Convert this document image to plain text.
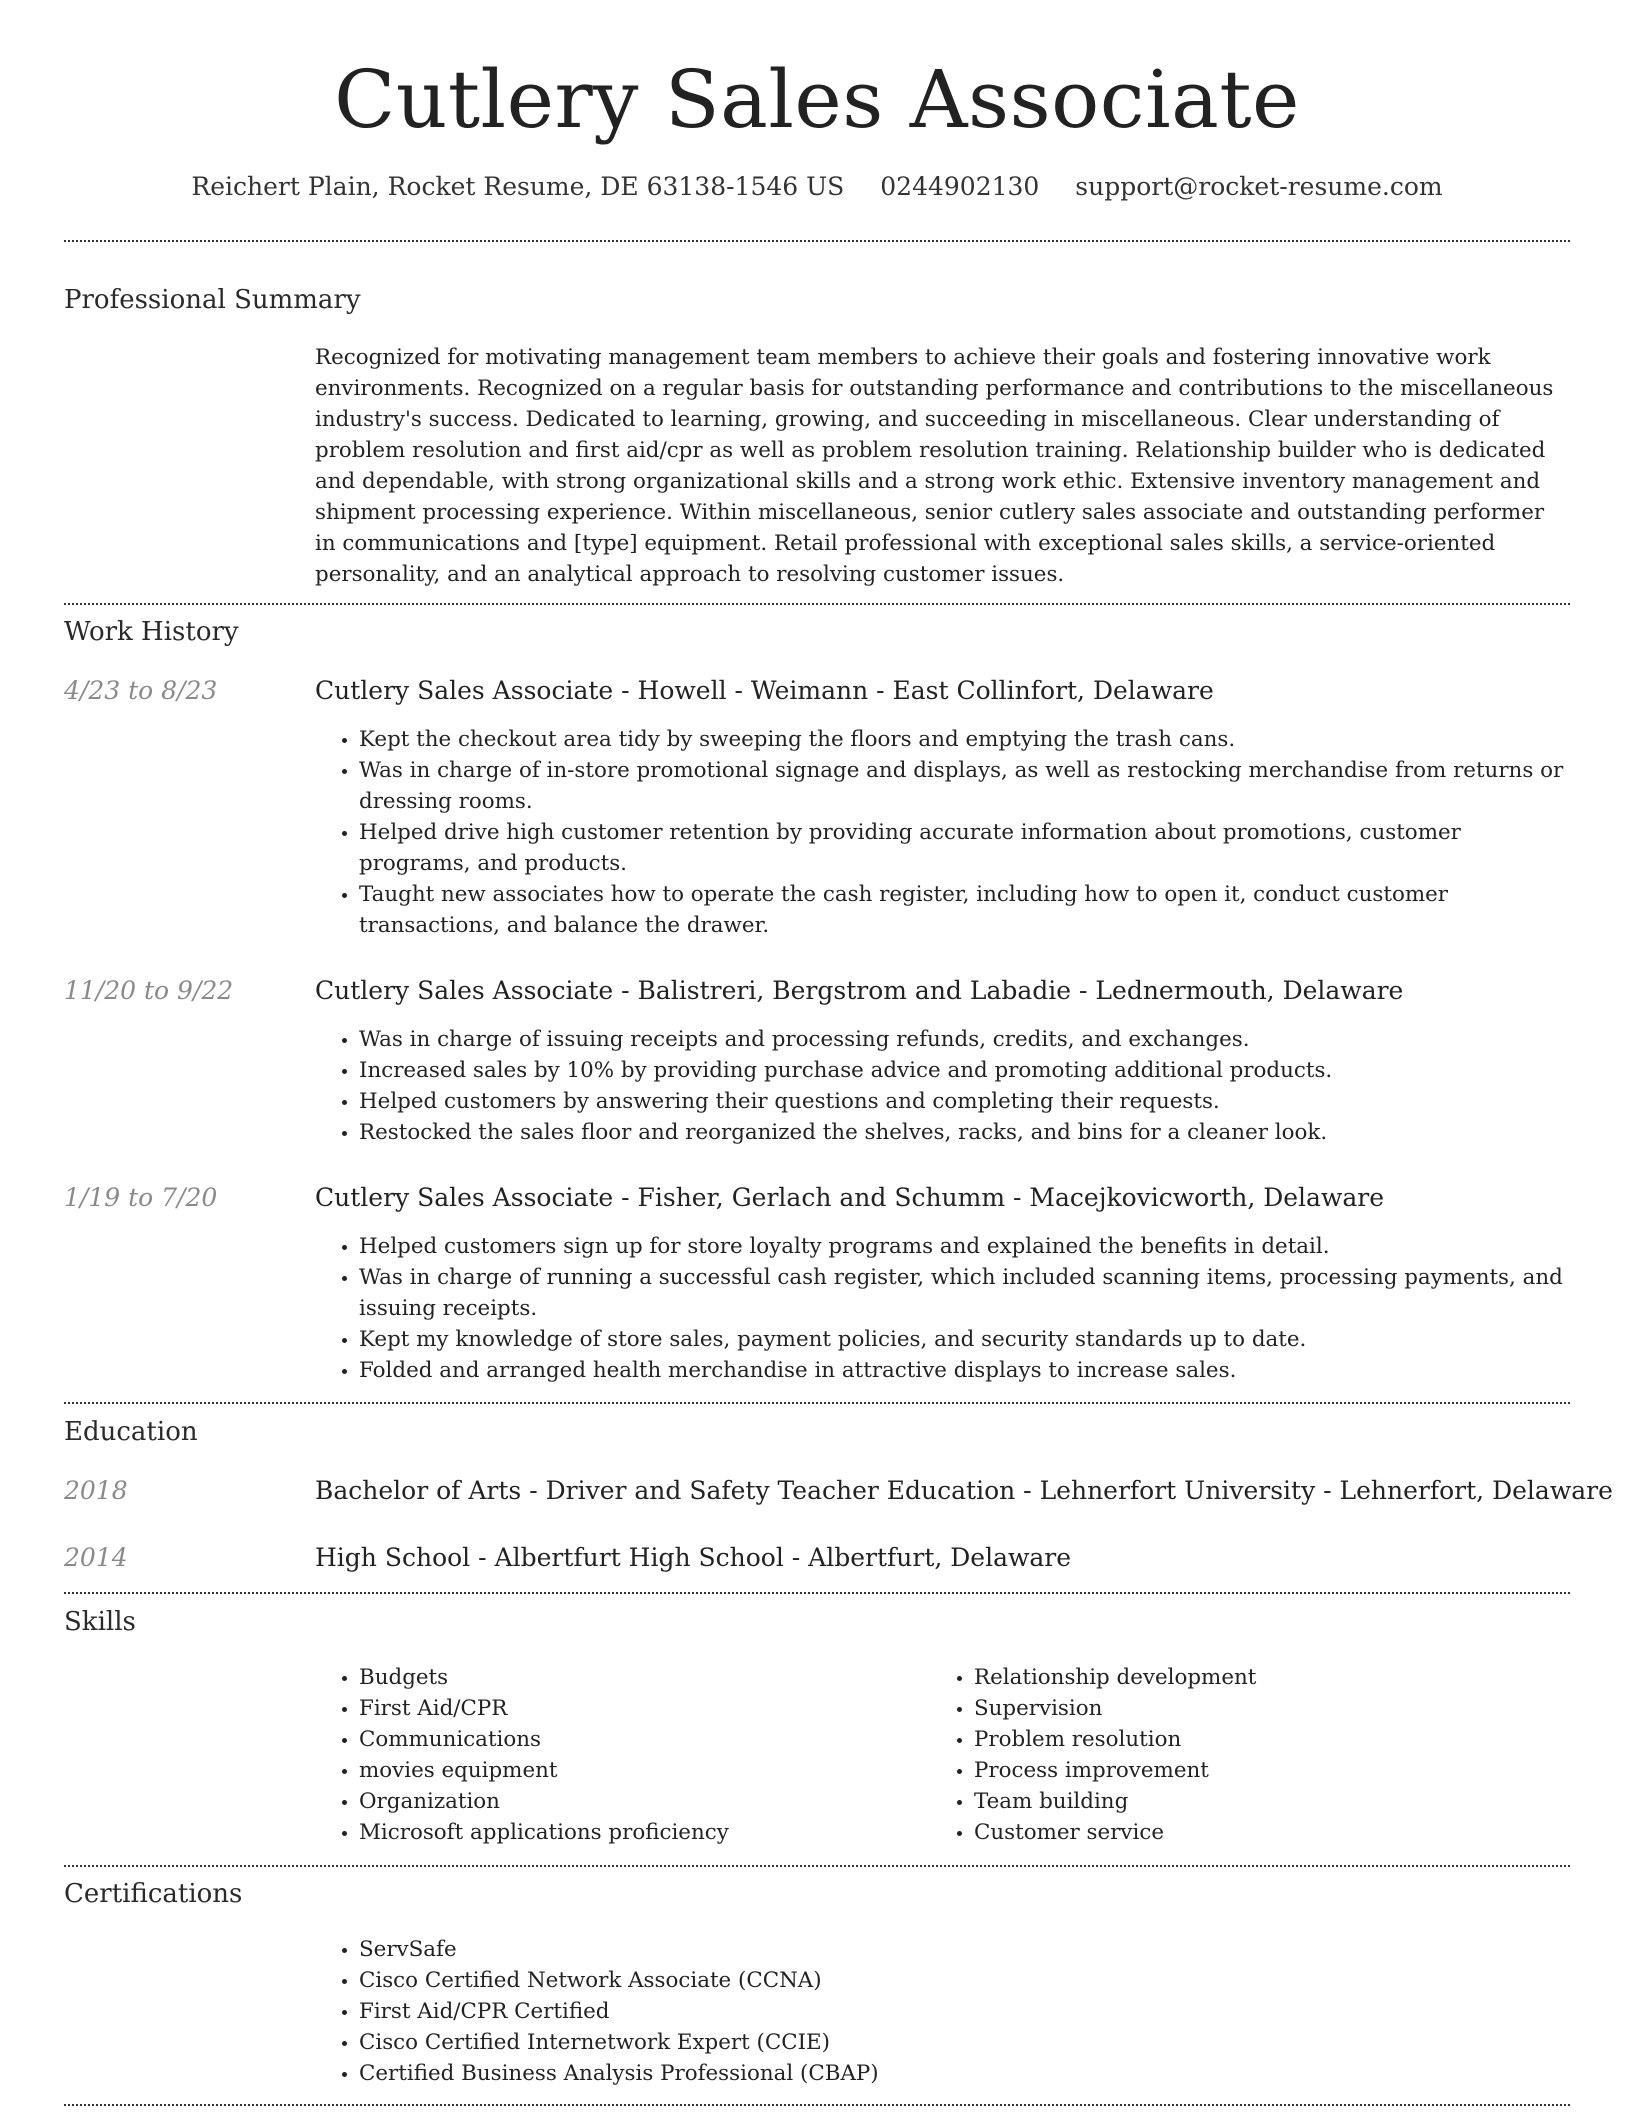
Cutlery Sales Associate
Reichert Plain, Rocket Resume, DE 63138-1546 US 0244902130 support@rocket-resume.com
Professional Summary
Recognized for motivating management team members to achieve their goals and fostering innovative work environments. Recognized on a regular basis for outstanding performance and contributions to the miscellaneous industry's success. Dedicated to learning, growing, and succeeding in miscellaneous. Clear understanding of problem resolution and first aid/cpr as well as problem resolution training. Relationship builder who is dedicated and dependable, with strong organizational skills and a strong work ethic. Extensive inventory management and shipment processing experience. Within miscellaneous, senior cutlery sales associate and outstanding performer in communications and [type] equipment. Retail professional with exceptional sales skills, a service-oriented personality, and an analytical approach to resolving customer issues.
Work History
4/23 to 8/23	Cutlery Sales Associate - Howell - Weimann - East Collinfort, Delaware
• Kept the checkout area tidy by sweeping the floors and emptying the trash cans.
• Was in charge of in-store promotional signage and displays, as well as restocking merchandise from returns or dressing rooms.
• Helped drive high customer retention by providing accurate information about promotions, customer programs, and products.
• Taught new associates how to operate the cash register, including how to open it, conduct customer transactions, and balance the drawer.
11/20 to 9/22	Cutlery Sales Associate - Balistreri, Bergstrom and Labadie - Lednermouth, Delaware
• Was in charge of issuing receipts and processing refunds, credits, and exchanges.
• Increased sales by 10% by providing purchase advice and promoting additional products.
• Helped customers by answering their questions and completing their requests.
• Restocked the sales floor and reorganized the shelves, racks, and bins for a cleaner look.
1/19 to 7/20	Cutlery Sales Associate - Fisher, Gerlach and Schumm - Macejkovicworth, Delaware
• Helped customers sign up for store loyalty programs and explained the benefits in detail.
• Was in charge of running a successful cash register, which included scanning items, processing payments, and issuing receipts.
• Kept my knowledge of store sales, payment policies, and security standards up to date.
• Folded and arranged health merchandise in attractive displays to increase sales.
Education
2018	Bachelor of Arts - Driver and Safety Teacher Education - Lehnerfort University - Lehnerfort, Delaware
2014	High School - Albertfurt High School - Albertfurt, Delaware
Skills
• Budgets
• First Aid/CPR
• Communications
• movies equipment
• Organization
• Microsoft applications proficiency
• Relationship development
• Supervision
• Problem resolution
• Process improvement
• Team building
• Customer service
Certifications
• ServSafe
• Cisco Certified Network Associate (CCNA)
• First Aid/CPR Certified
• Cisco Certified Internetwork Expert (CCIE)
• Certified Business Analysis Professional (CBAP)
